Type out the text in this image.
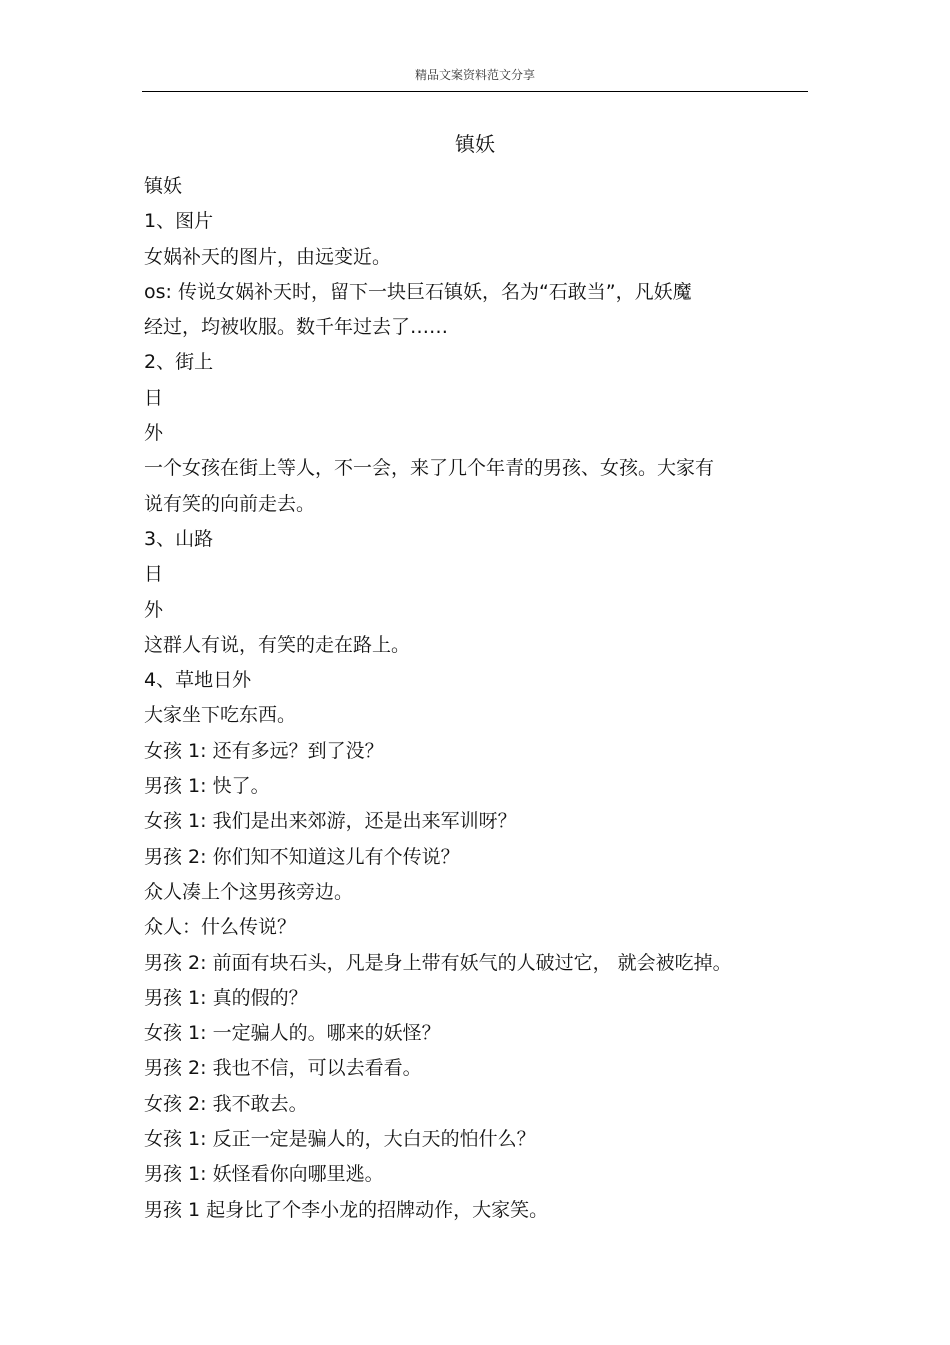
精品文案资料范文分享
镇妖
镇妖
1、图片
女娲补天的图片，由远变近。
os: 传说女娲补天时，留下一块巨石镇妖，名为“石敢当”，凡妖魔
经过，均被收服。数千年过去了……
2、街上
日
外
一个女孩在街上等人，不一会，来了几个年青的男孩、女孩。大家有
说有笑的向前走去。
3、山路
日
外
这群人有说，有笑的走在路上。
4、草地日外
大家坐下吃东西。
女孩 1: 还有多远？到了没？
男孩 1: 快了。
女孩 1: 我们是出来郊游，还是出来军训呀？
男孩 2: 你们知不知道这儿有个传说？
众人凑上个这男孩旁边。
众人：什么传说？
男孩 2: 前面有块石头，凡是身上带有妖气的人破过它， 就会被吃掉。
男孩 1: 真的假的？
女孩 1: 一定骗人的。哪来的妖怪？
男孩 2: 我也不信，可以去看看。
女孩 2: 我不敢去。
女孩 1: 反正一定是骗人的，大白天的怕什么？
男孩 1: 妖怪看你向哪里逃。
男孩 1 起身比了个李小龙的招牌动作，大家笑。
